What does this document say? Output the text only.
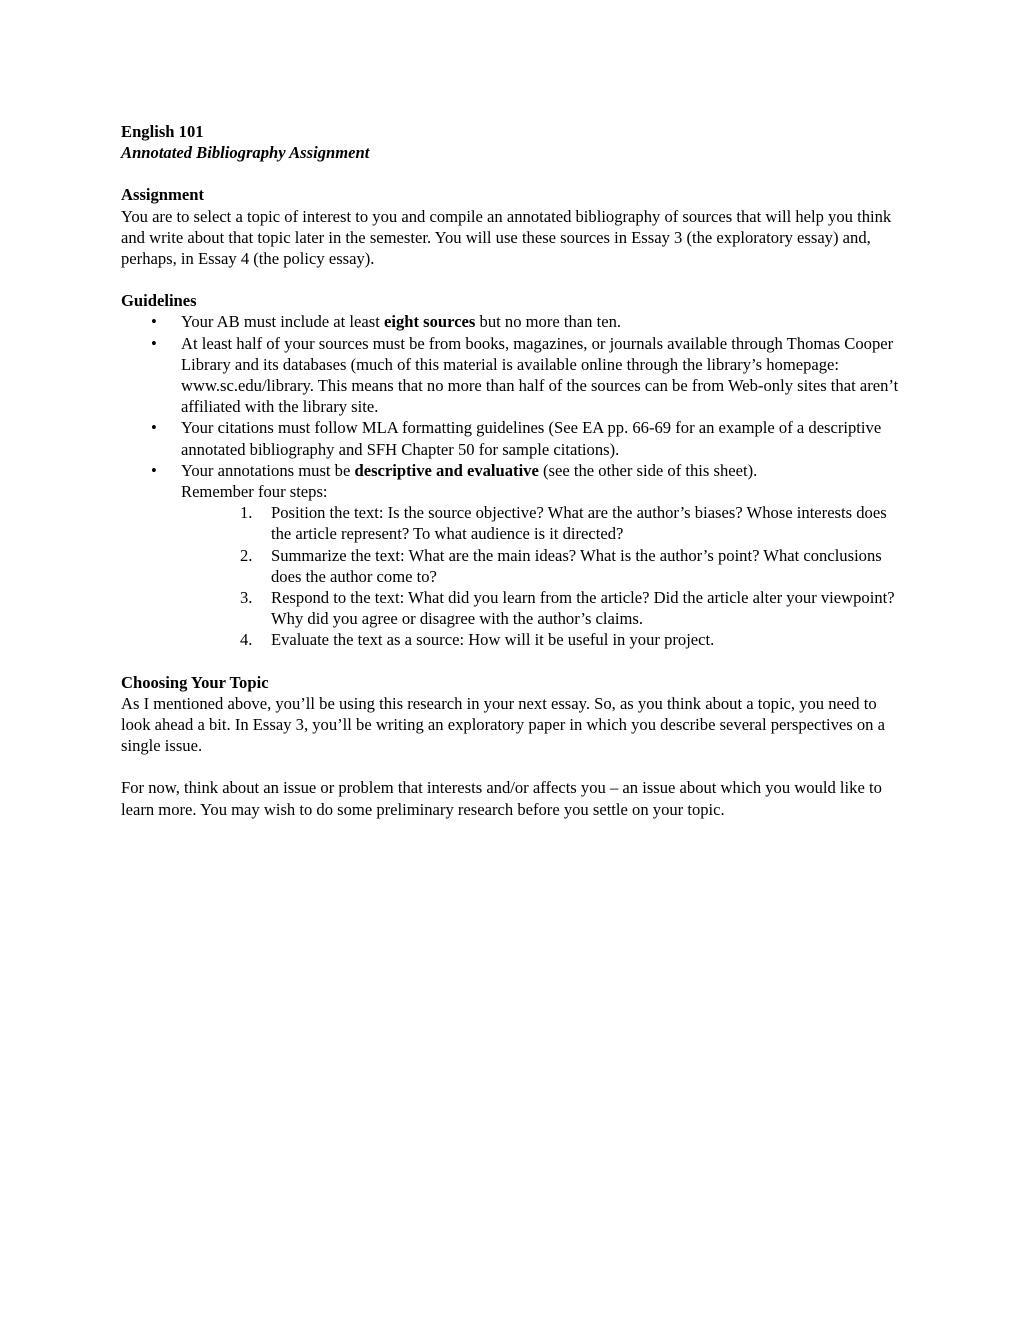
English 101

Annotated Bibliography Assignment

Assignment

You are to select a topic of interest to you and compile an annotated bibliography of sources that will help you think and write about that topic later in the semester. You will use these sources in Essay 3 (the exploratory essay) and, perhaps, in Essay 4 (the policy essay).

Guidelines

• Your AB must include at least eight sources but no more than ten.
• At least half of your sources must be from books, magazines, or journals available through Thomas Cooper Library and its databases (much of this material is available online through the library’s homepage: www.sc.edu/library. This means that no more than half of the sources can be from Web-only sites that aren’t affiliated with the library site.
• Your citations must follow MLA formatting guidelines (See EA pp. 66-69 for an example of a descriptive annotated bibliography and SFH Chapter 50 for sample citations).
• Your annotations must be descriptive and evaluative (see the other side of this sheet).
Remember four steps:
1. Position the text: Is the source objective? What are the author’s biases? Whose interests does the article represent? To what audience is it directed?
2. Summarize the text: What are the main ideas? What is the author’s point? What conclusions does the author come to?
3. Respond to the text: What did you learn from the article? Did the article alter your viewpoint? Why did you agree or disagree with the author’s claims.
4. Evaluate the text as a source: How will it be useful in your project.

Choosing Your Topic

As I mentioned above, you’ll be using this research in your next essay. So, as you think about a topic, you need to look ahead a bit. In Essay 3, you’ll be writing an exploratory paper in which you describe several perspectives on a single issue.

For now, think about an issue or problem that interests and/or affects you – an issue about which you would like to learn more. You may wish to do some preliminary research before you settle on your topic.
